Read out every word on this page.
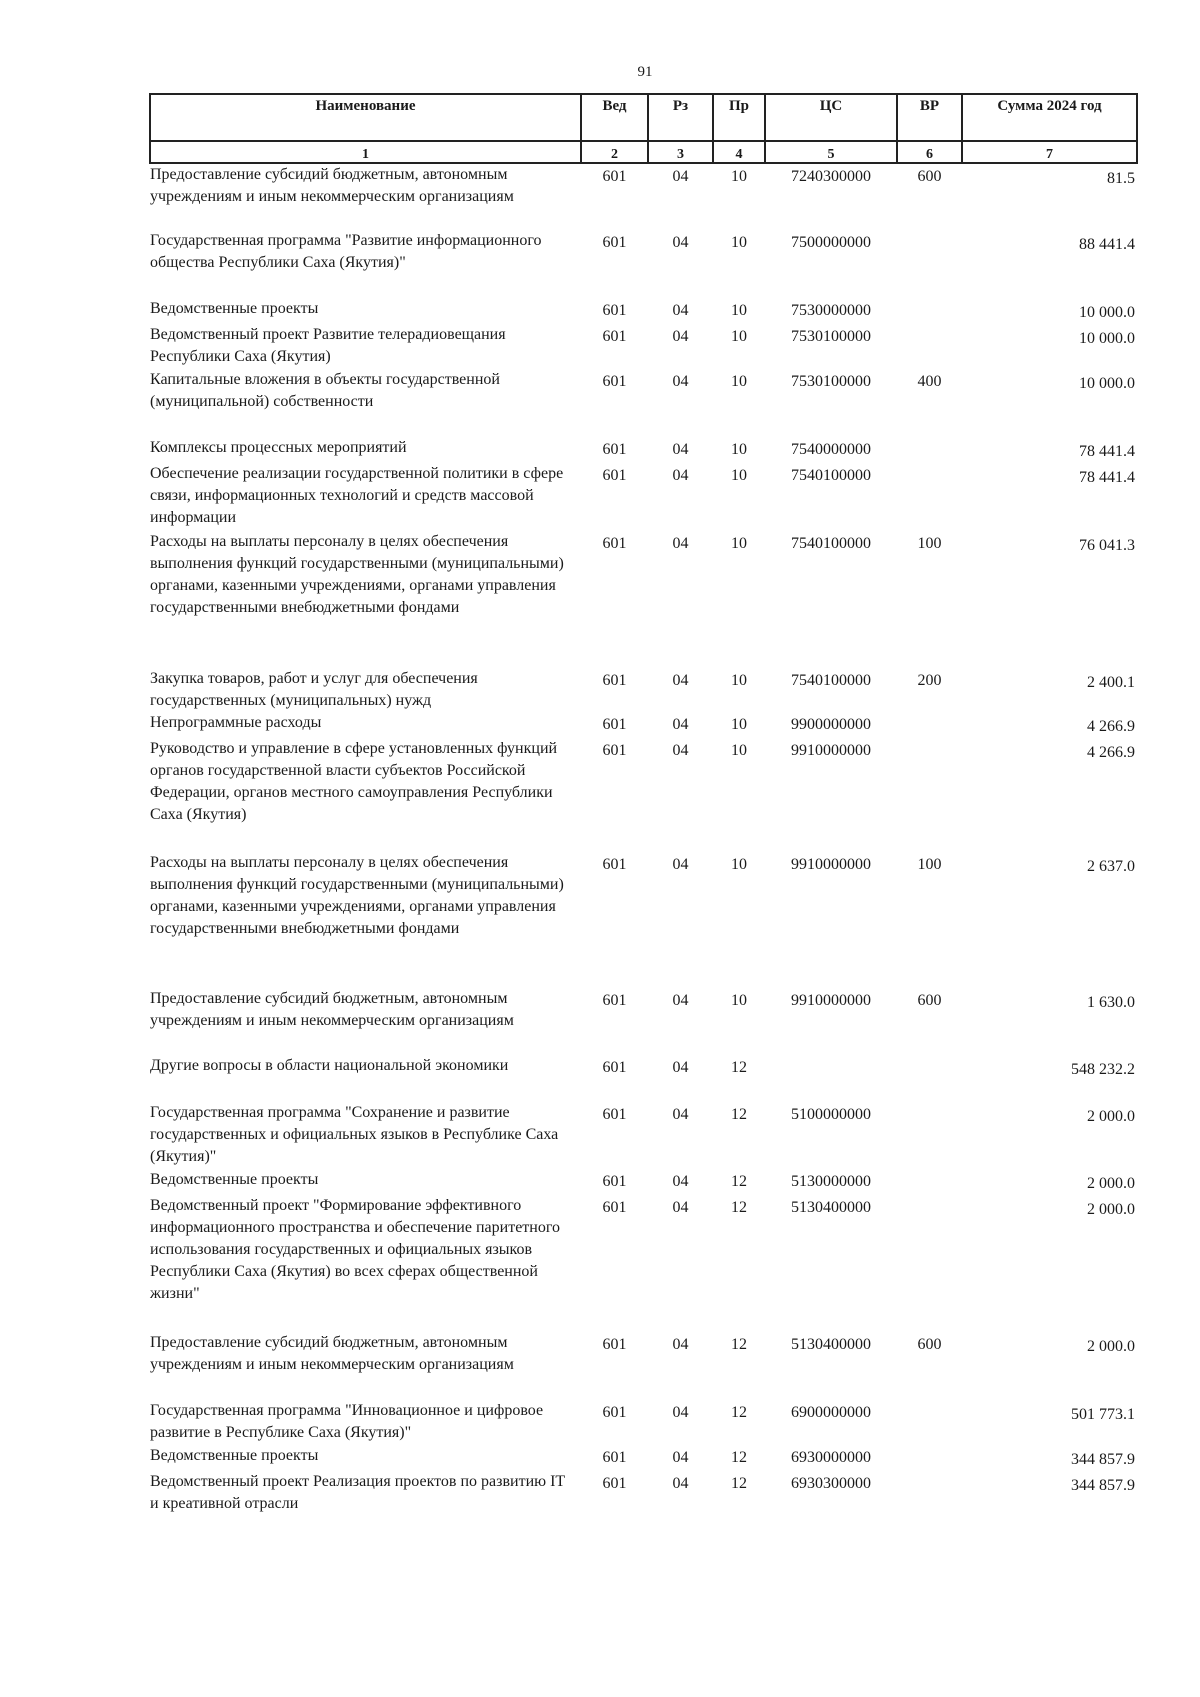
91
Наименование	Вед	Рз	Пр	ЦС	ВР	Сумма 2024 год
1	2	3	4	5	6	7
Предоставление субсидий бюджетным, автономным учреждениям и иным некоммерческим организациям	601	04	10	7240300000	600	81.5
Государственная программа "Развитие информационного общества Республики Саха (Якутия)"	601	04	10	7500000000		88 441.4
Ведомственные проекты	601	04	10	7530000000		10 000.0
Ведомственный проект Развитие телерадиовещания Республики Саха (Якутия)	601	04	10	7530100000		10 000.0
Капитальные вложения в объекты государственной (муниципальной) собственности	601	04	10	7530100000	400	10 000.0
Комплексы процессных мероприятий	601	04	10	7540000000		78 441.4
Обеспечение реализации государственной политики в сфере связи, информационных технологий и средств массовой информации	601	04	10	7540100000		78 441.4
Расходы на выплаты персоналу в целях обеспечения выполнения функций государственными (муниципальными) органами, казенными учреждениями, органами управления государственными внебюджетными фондами	601	04	10	7540100000	100	76 041.3
Закупка товаров, работ и услуг для обеспечения государственных (муниципальных) нужд	601	04	10	7540100000	200	2 400.1
Непрограммные расходы	601	04	10	9900000000		4 266.9
Руководство и управление в сфере установленных функций органов государственной власти субъектов Российской Федерации, органов местного самоуправления Республики Саха (Якутия)	601	04	10	9910000000		4 266.9
Расходы на выплаты персоналу в целях обеспечения выполнения функций государственными (муниципальными) органами, казенными учреждениями, органами управления государственными внебюджетными фондами	601	04	10	9910000000	100	2 637.0
Предоставление субсидий бюджетным, автономным учреждениям и иным некоммерческим организациям	601	04	10	9910000000	600	1 630.0
Другие вопросы в области национальной экономики	601	04	12			548 232.2
Государственная программа "Сохранение и развитие государственных и официальных языков в Республике Саха (Якутия)"	601	04	12	5100000000		2 000.0
Ведомственные проекты	601	04	12	5130000000		2 000.0
Ведомственный проект "Формирование эффективного информационного пространства и обеспечение паритетного использования государственных и официальных языков Республики Саха (Якутия) во всех сферах общественной жизни"	601	04	12	5130400000		2 000.0
Предоставление субсидий бюджетным, автономным учреждениям и иным некоммерческим организациям	601	04	12	5130400000	600	2 000.0
Государственная программа "Инновационное и цифровое развитие в Республике Саха (Якутия)"	601	04	12	6900000000		501 773.1
Ведомственные проекты	601	04	12	6930000000		344 857.9
Ведомственный проект Реализация проектов по развитию IT и креативной отрасли	601	04	12	6930300000		344 857.9
